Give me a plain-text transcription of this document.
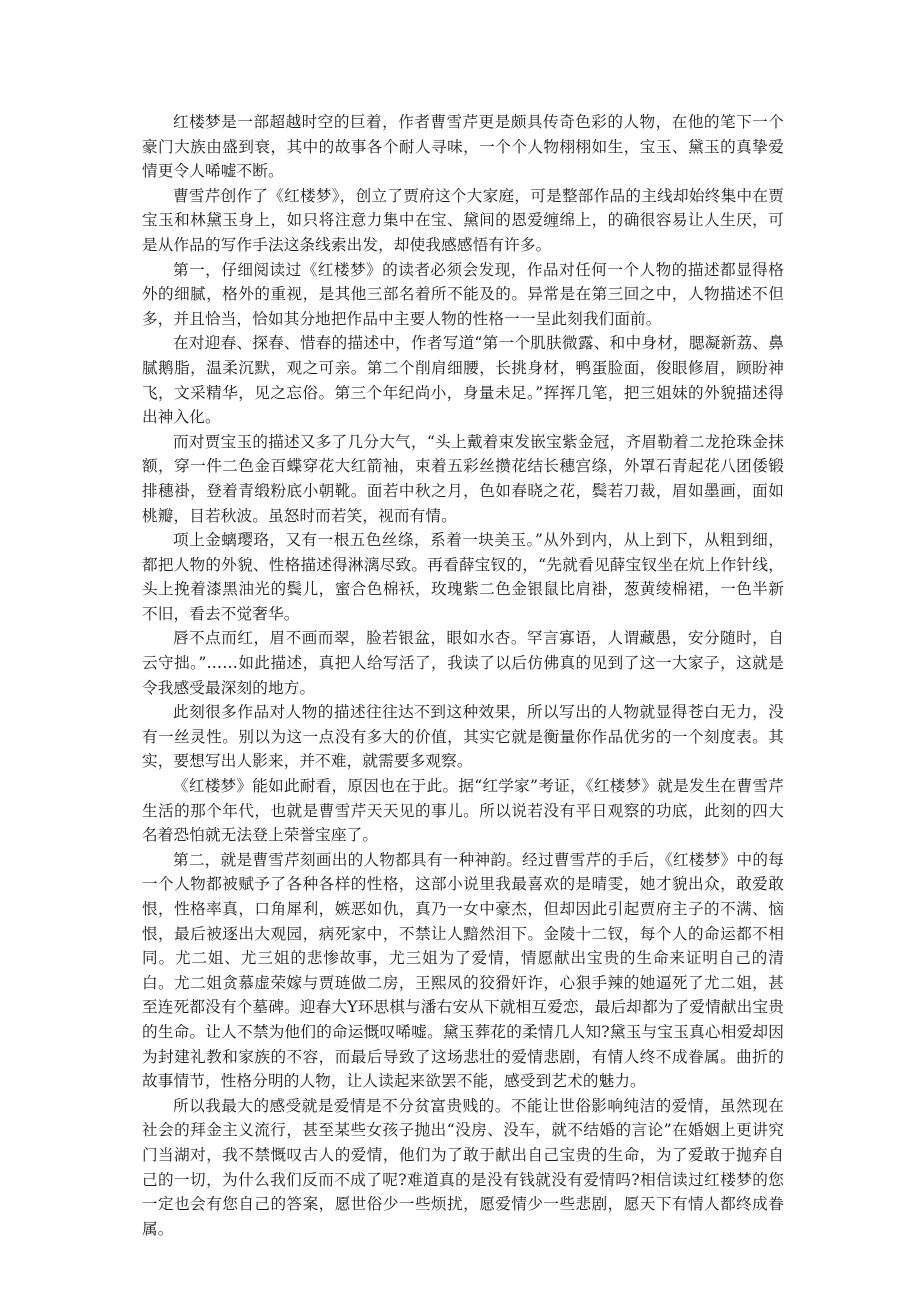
红楼梦是一部超越时空的巨着，作者曹雪芹更是颇具传奇色彩的人物，在他的笔下一个豪门大族由盛到衰，其中的故事各个耐人寻味，一个个人物栩栩如生，宝玉、黛玉的真挚爱情更令人唏嘘不断。

曹雪芹创作了《红楼梦》，创立了贾府这个大家庭，可是整部作品的主线却始终集中在贾宝玉和林黛玉身上，如只将注意力集中在宝、黛间的恩爱缠绵上，的确很容易让人生厌，可是从作品的写作手法这条线索出发，却使我感感悟有许多。

第一，仔细阅读过《红楼梦》的读者必须会发现，作品对任何一个人物的描述都显得格外的细腻，格外的重视，是其他三部名着所不能及的。异常是在第三回之中，人物描述不但多，并且恰当，恰如其分地把作品中主要人物的性格一一呈此刻我们面前。

在对迎春、探春、惜春的描述中，作者写道“第一个肌肤微露、和中身材，腮凝新荔、鼻腻鹅脂，温柔沉默，观之可亲。第二个削肩细腰，长挑身材，鸭蛋脸面，俊眼修眉，顾盼神飞，文采精华，见之忘俗。第三个年纪尚小，身量未足。”挥挥几笔，把三姐妹的外貌描述得出神入化。

而对贾宝玉的描述又多了几分大气，“头上戴着束发嵌宝紫金冠，齐眉勒着二龙抢珠金抹额，穿一件二色金百蝶穿花大红箭袖，束着五彩丝攒花结长穗宫绦，外罩石青起花八团倭锻排穗褂，登着青缎粉底小朝靴。面若中秋之月，色如春晓之花，鬓若刀裁，眉如墨画，面如桃瓣，目若秋波。虽怒时而若笑，视而有情。

项上金螭璎珞，又有一根五色丝绦，系着一块美玉。”从外到内，从上到下，从粗到细，都把人物的外貌、性格描述得淋漓尽致。再看薛宝钗的，“先就看见薛宝钗坐在炕上作针线，头上挽着漆黑油光的鬓儿，蜜合色棉袄，玫瑰紫二色金银鼠比肩褂，葱黄绫棉裙，一色半新不旧，看去不觉奢华。

唇不点而红，眉不画而翠，脸若银盆，眼如水杏。罕言寡语，人谓藏愚，安分随时，自云守拙。”……如此描述，真把人给写活了，我读了以后仿佛真的见到了这一大家子，这就是令我感受最深刻的地方。

此刻很多作品对人物的描述往往达不到这种效果，所以写出的人物就显得苍白无力，没有一丝灵性。别以为这一点没有多大的价值，其实它就是衡量你作品优劣的一个刻度表。其实，要想写出人影来，并不难，就需要多观察。

《红楼梦》能如此耐看，原因也在于此。据“红学家”考证，《红楼梦》就是发生在曹雪芹生活的那个年代，也就是曹雪芹天天见的事儿。所以说若没有平日观察的功底，此刻的四大名着恐怕就无法登上荣誉宝座了。

第二，就是曹雪芹刻画出的人物都具有一种神韵。经过曹雪芹的手后，《红楼梦》中的每一个人物都被赋予了各种各样的性格，这部小说里我最喜欢的是晴雯，她才貌出众，敢爱敢恨，性格率真，口角犀利，嫉恶如仇，真乃一女中豪杰，但却因此引起贾府主子的不满、恼恨，最后被逐出大观园，病死家中，不禁让人黯然泪下。金陵十二钗，每个人的命运都不相同。尤二姐、尤三姐的悲惨故事，尤三姐为了爱情，情愿献出宝贵的生命来证明自己的清白。尤二姐贪慕虚荣嫁与贾琏做二房，王熙凤的狡猾奸诈，心狠手辣的她逼死了尤二姐，甚至连死都没有个墓碑。迎春大Y环思棋与潘右安从下就相互爱恋，最后却都为了爱情献出宝贵的生命。让人不禁为他们的命运慨叹唏嘘。黛玉葬花的柔情几人知?黛玉与宝玉真心相爱却因为封建礼教和家族的不容，而最后导致了这场悲壮的爱情悲剧，有情人终不成眷属。曲折的故事情节，性格分明的人物，让人读起来欲罢不能，感受到艺术的魅力。

所以我最大的感受就是爱情是不分贫富贵贱的。不能让世俗影响纯洁的爱情，虽然现在社会的拜金主义流行，甚至某些女孩子抛出“没房、没车，就不结婚的言论”在婚姻上更讲究门当湖对，我不禁慨叹古人的爱情，他们为了敢于献出自己宝贵的生命，为了爱敢于抛弃自己的一切，为什么我们反而不成了呢?难道真的是没有钱就没有爱情吗?相信读过红楼梦的您一定也会有您自己的答案，愿世俗少一些烦扰，愿爱情少一些悲剧，愿天下有情人都终成眷属。
